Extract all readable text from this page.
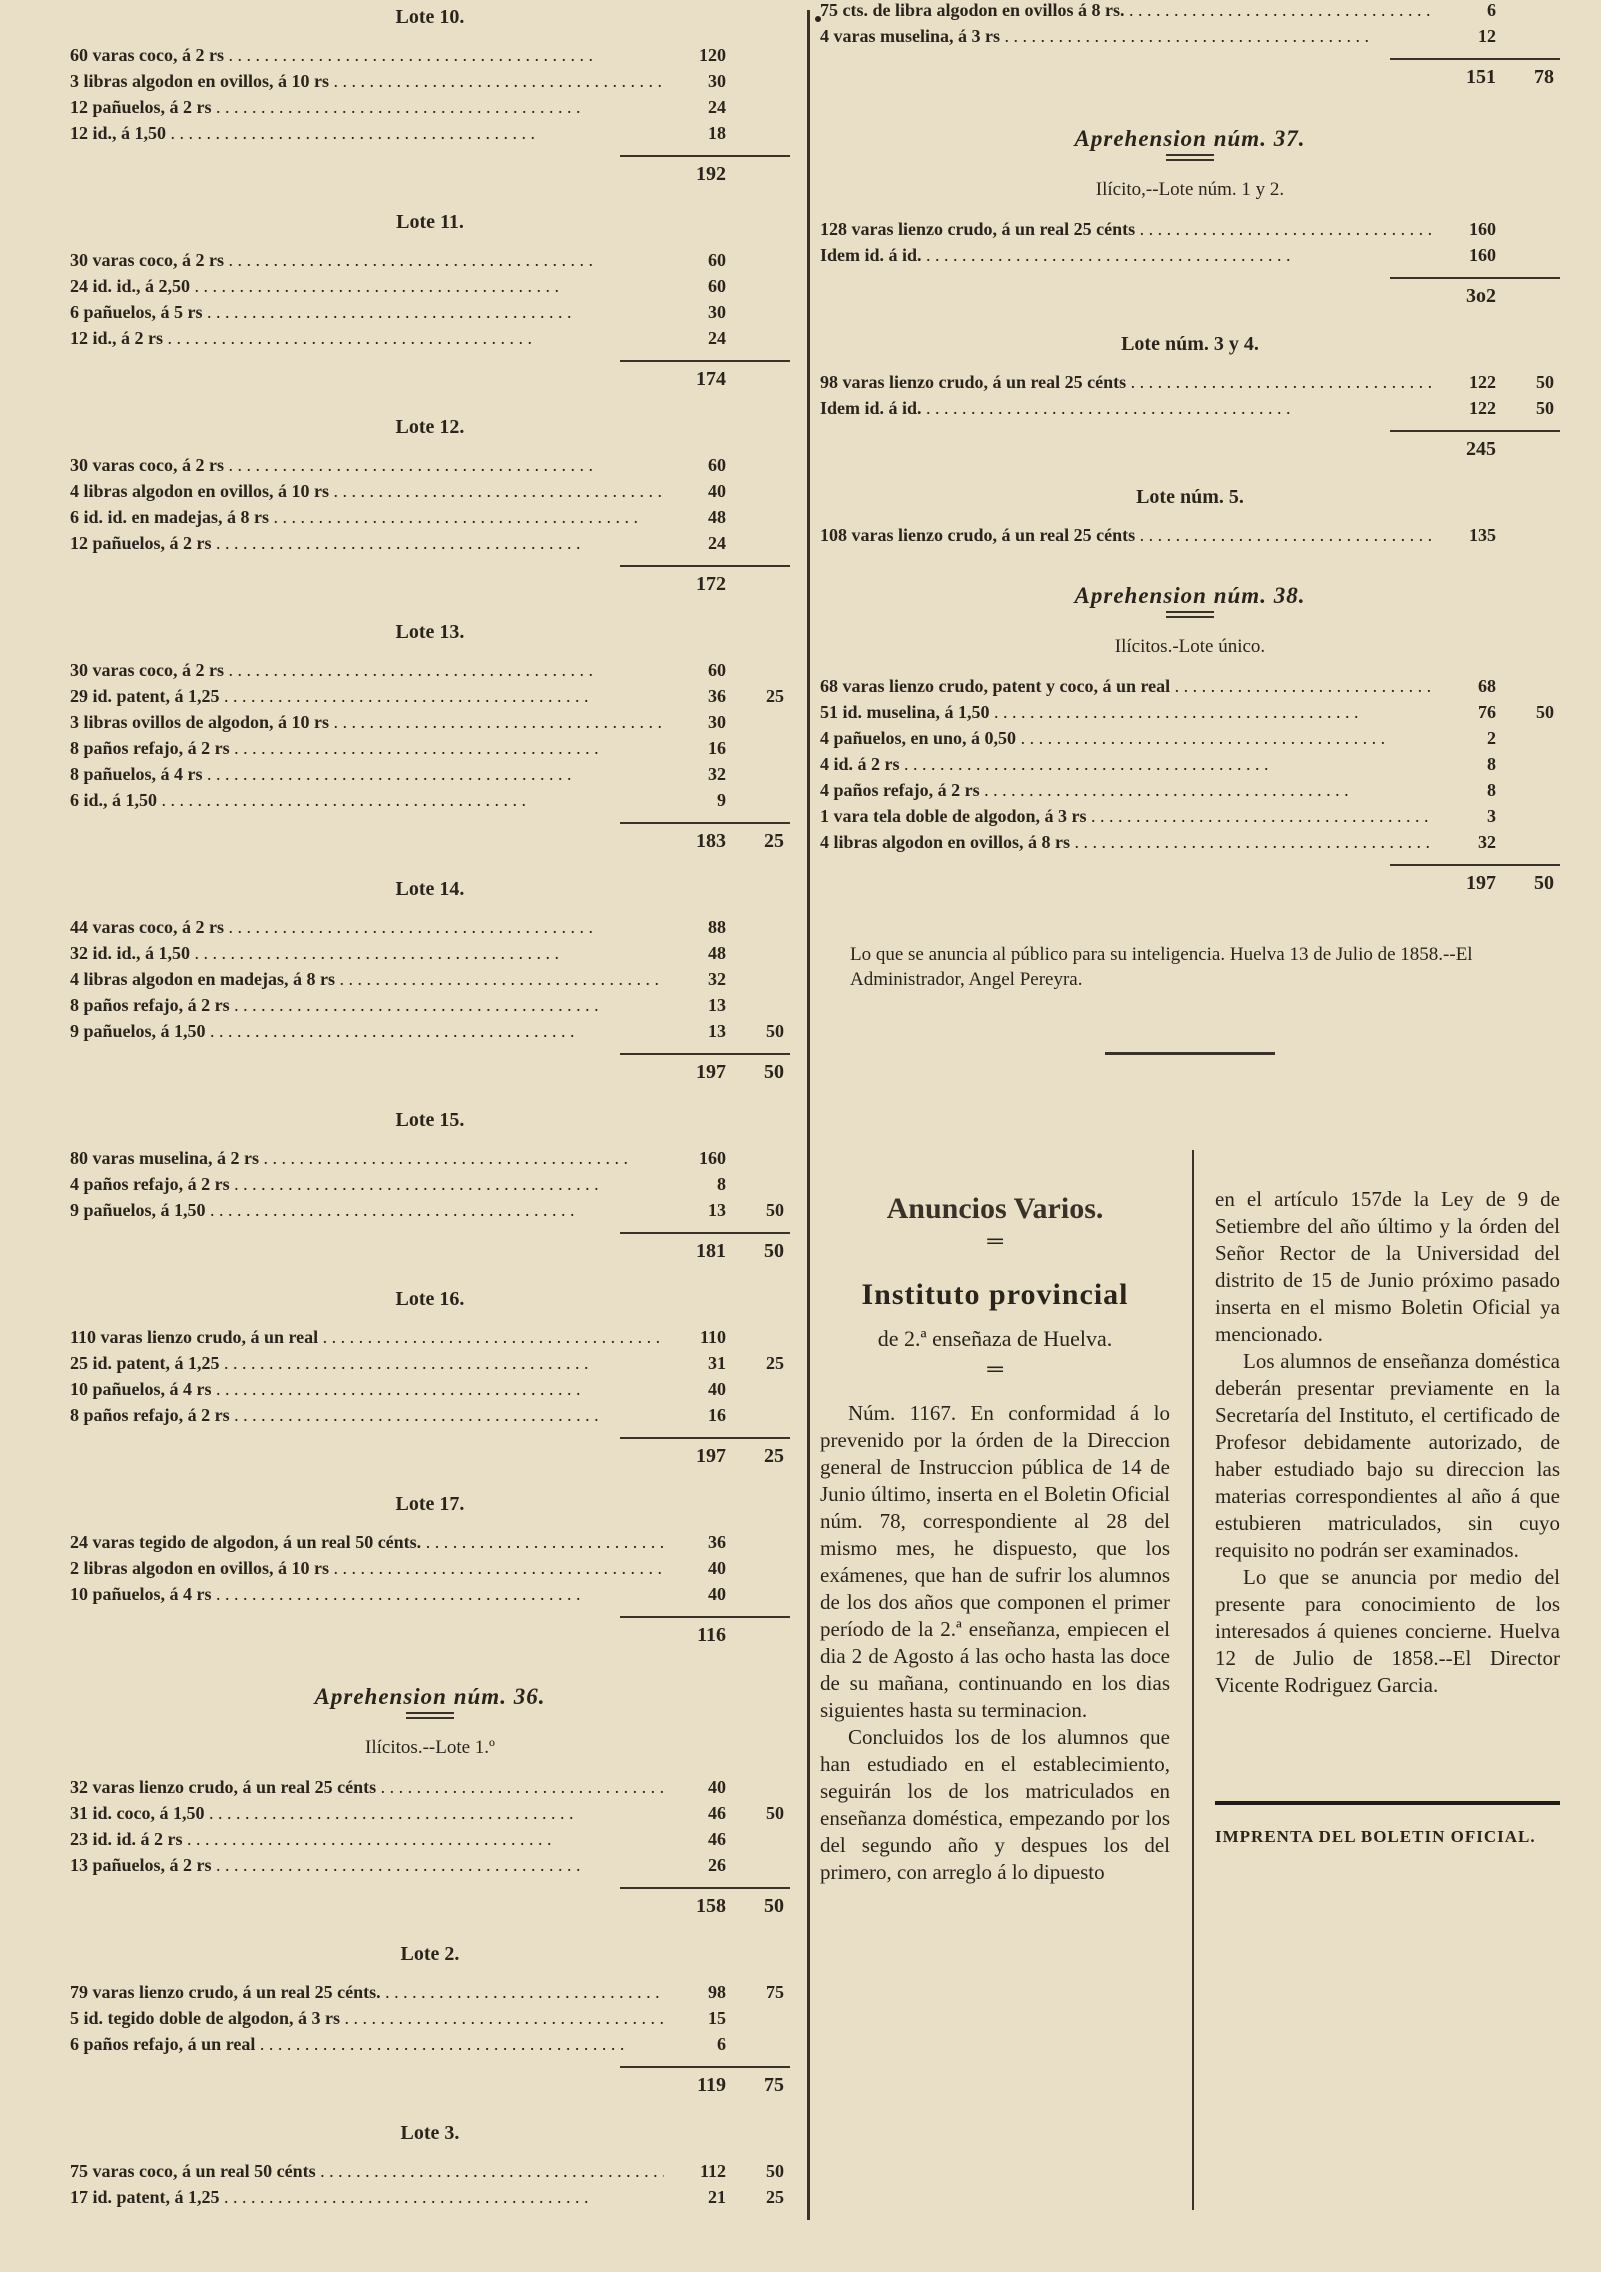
Lote 10.
60 varas coco, á 2 rs . . .	120
3 libras algodon en ovillos, á 10 rs . . .	30
12 pañuelos, á 2 rs . . .	24
12 id., á 1,50 . . .	18
192
Lote 11.
30 varas coco, á 2 rs . . .	60
24 id. id., á 2,50 . . .	60
6 pañuelos, á 5 rs . . .	30
12 id., á 2 rs . . .	24
174
Lote 12.
30 varas coco, á 2 rs . . .	60
4 libras algodon en ovillos, á 10 rs . . .	40
6 id. id. en madejas, á 8 rs . . .	48
12 pañuelos, á 2 rs . . .	24
172
Lote 13.
30 varas coco, á 2 rs . . .	60
29 id. patent, á 1,25 . . .	36	25
3 libras ovillos de algodon, á 10 rs . . .	30
8 paños refajo, á 2 rs . . .	16
8 pañuelos, á 4 rs . . .	32
6 id., á 1,50 . . .	9
183	25
Lote 14.
44 varas coco, á 2 rs . . .	88
32 id. id., á 1,50 . . .	48
4 libras algodon en madejas, á 8 rs . . .	32
8 paños refajo, á 2 rs . . .	13
9 pañuelos, á 1,50 . . .	13	50
197	50
Lote 15.
80 varas muselina, á 2 rs . . .	160
4 paños refajo, á 2 rs . . .	8
9 pañuelos, á 1,50 . . .	13	50
181	50
Lote 16.
110 varas lienzo crudo, á un real . . .	110
25 id. patent, á 1,25 . . .	31	25
10 pañuelos, á 4 rs . . .	40
8 paños refajo, á 2 rs . . .	16
197	25
Lote 17.
24 varas tegido de algodon, á un real 50 cénts. . . .	36
2 libras algodon en ovillos, á 10 rs . . .	40
10 pañuelos, á 4 rs . . .	40
116
Aprehension núm. 36.
Ilícitos.--Lote 1.º
32 varas lienzo crudo, á un real 25 cénts . . .	40
31 id. coco, á 1,50 . . .	46	50
23 id. id. á 2 rs . . .	46
13 pañuelos, á 2 rs . . .	26
158	50
Lote 2.
79 varas lienzo crudo, á un real 25 cénts. . . .	98	75
5 id. tegido doble de algodon, á 3 rs . . .	15
6 paños refajo, á un real . . .	6
119	75
Lote 3.
75 varas coco, á un real 50 cénts . . .	112	50
17 id. patent, á 1,25 . . .	21	25
75 cts. de libra algodon en ovillos á 8 rs. . . .	6
4 varas muselina, á 3 rs . . .	12
151	78
Aprehension núm. 37.
Ilícito,--Lote núm. 1 y 2.
128 varas lienzo crudo, á un real 25 cénts . . .	160
Idem id. á id. . . .	160
3o2
Lote núm. 3 y 4.
98 varas lienzo crudo, á un real 25 cénts . . .	122	50
Idem id. á id. . . .	122	50
245
Lote núm. 5.
108 varas lienzo crudo, á un real 25 cénts . . .	135
Aprehension núm. 38.
Ilícitos.-Lote único.
68 varas lienzo crudo, patent y coco, á un real . . .	68
51 id. muselina, á 1,50 . . .	76	50
4 pañuelos, en uno, á 0,50 . . .	2
4 id. á 2 rs . . .	8
4 paños refajo, á 2 rs . . .	8
1 vara tela doble de algodon, á 3 rs . . .	3
4 libras algodon en ovillos, á 8 rs . . .	32
197	50
Lo que se anuncia al público para su inteligencia. Huelva 13 de Julio de 1858.--El Administrador, Angel Pereyra.
Anuncios Varios.
═
Instituto provincial
de 2.ª enseñaza de Huelva.
═

Núm. 1167. En conformidad á lo prevenido por la órden de la Direccion general de Instruccion pública de 14 de Junio último, inserta en el Boletin Oficial núm. 78, correspondiente al 28 del mismo mes, he dispuesto, que los exámenes, que han de sufrir los alumnos de los dos años que componen el primer período de la 2.ª enseñanza, empiecen el dia 2 de Agosto á las ocho hasta las doce de su mañana, continuando en los dias siguientes hasta su terminacion.

Concluidos los de los alumnos que han estudiado en el establecimiento, seguirán los de los matriculados en enseñanza doméstica, empezando por los del segundo año y despues los del primero, con arreglo á lo dipuesto

en el artículo 157de la Ley de 9 de Setiembre del año último y la órden del Señor Rector de la Universidad del distrito de 15 de Junio próximo pasado inserta en el mismo Boletin Oficial ya mencionado.

Los alumnos de enseñanza doméstica deberán presentar previamente en la Secretaría del Instituto, el certificado de Profesor debidamente autorizado, de haber estudiado bajo su direccion las materias correspondientes al año á que estubieren matriculados, sin cuyo requisito no podrán ser examinados.

Lo que se anuncia por medio del presente para conocimiento de los interesados á quienes concierne. Huelva 12 de Julio de 1858.--El Director Vicente Rodriguez Garcia.

IMPRENTA DEL BOLETIN OFICIAL.
